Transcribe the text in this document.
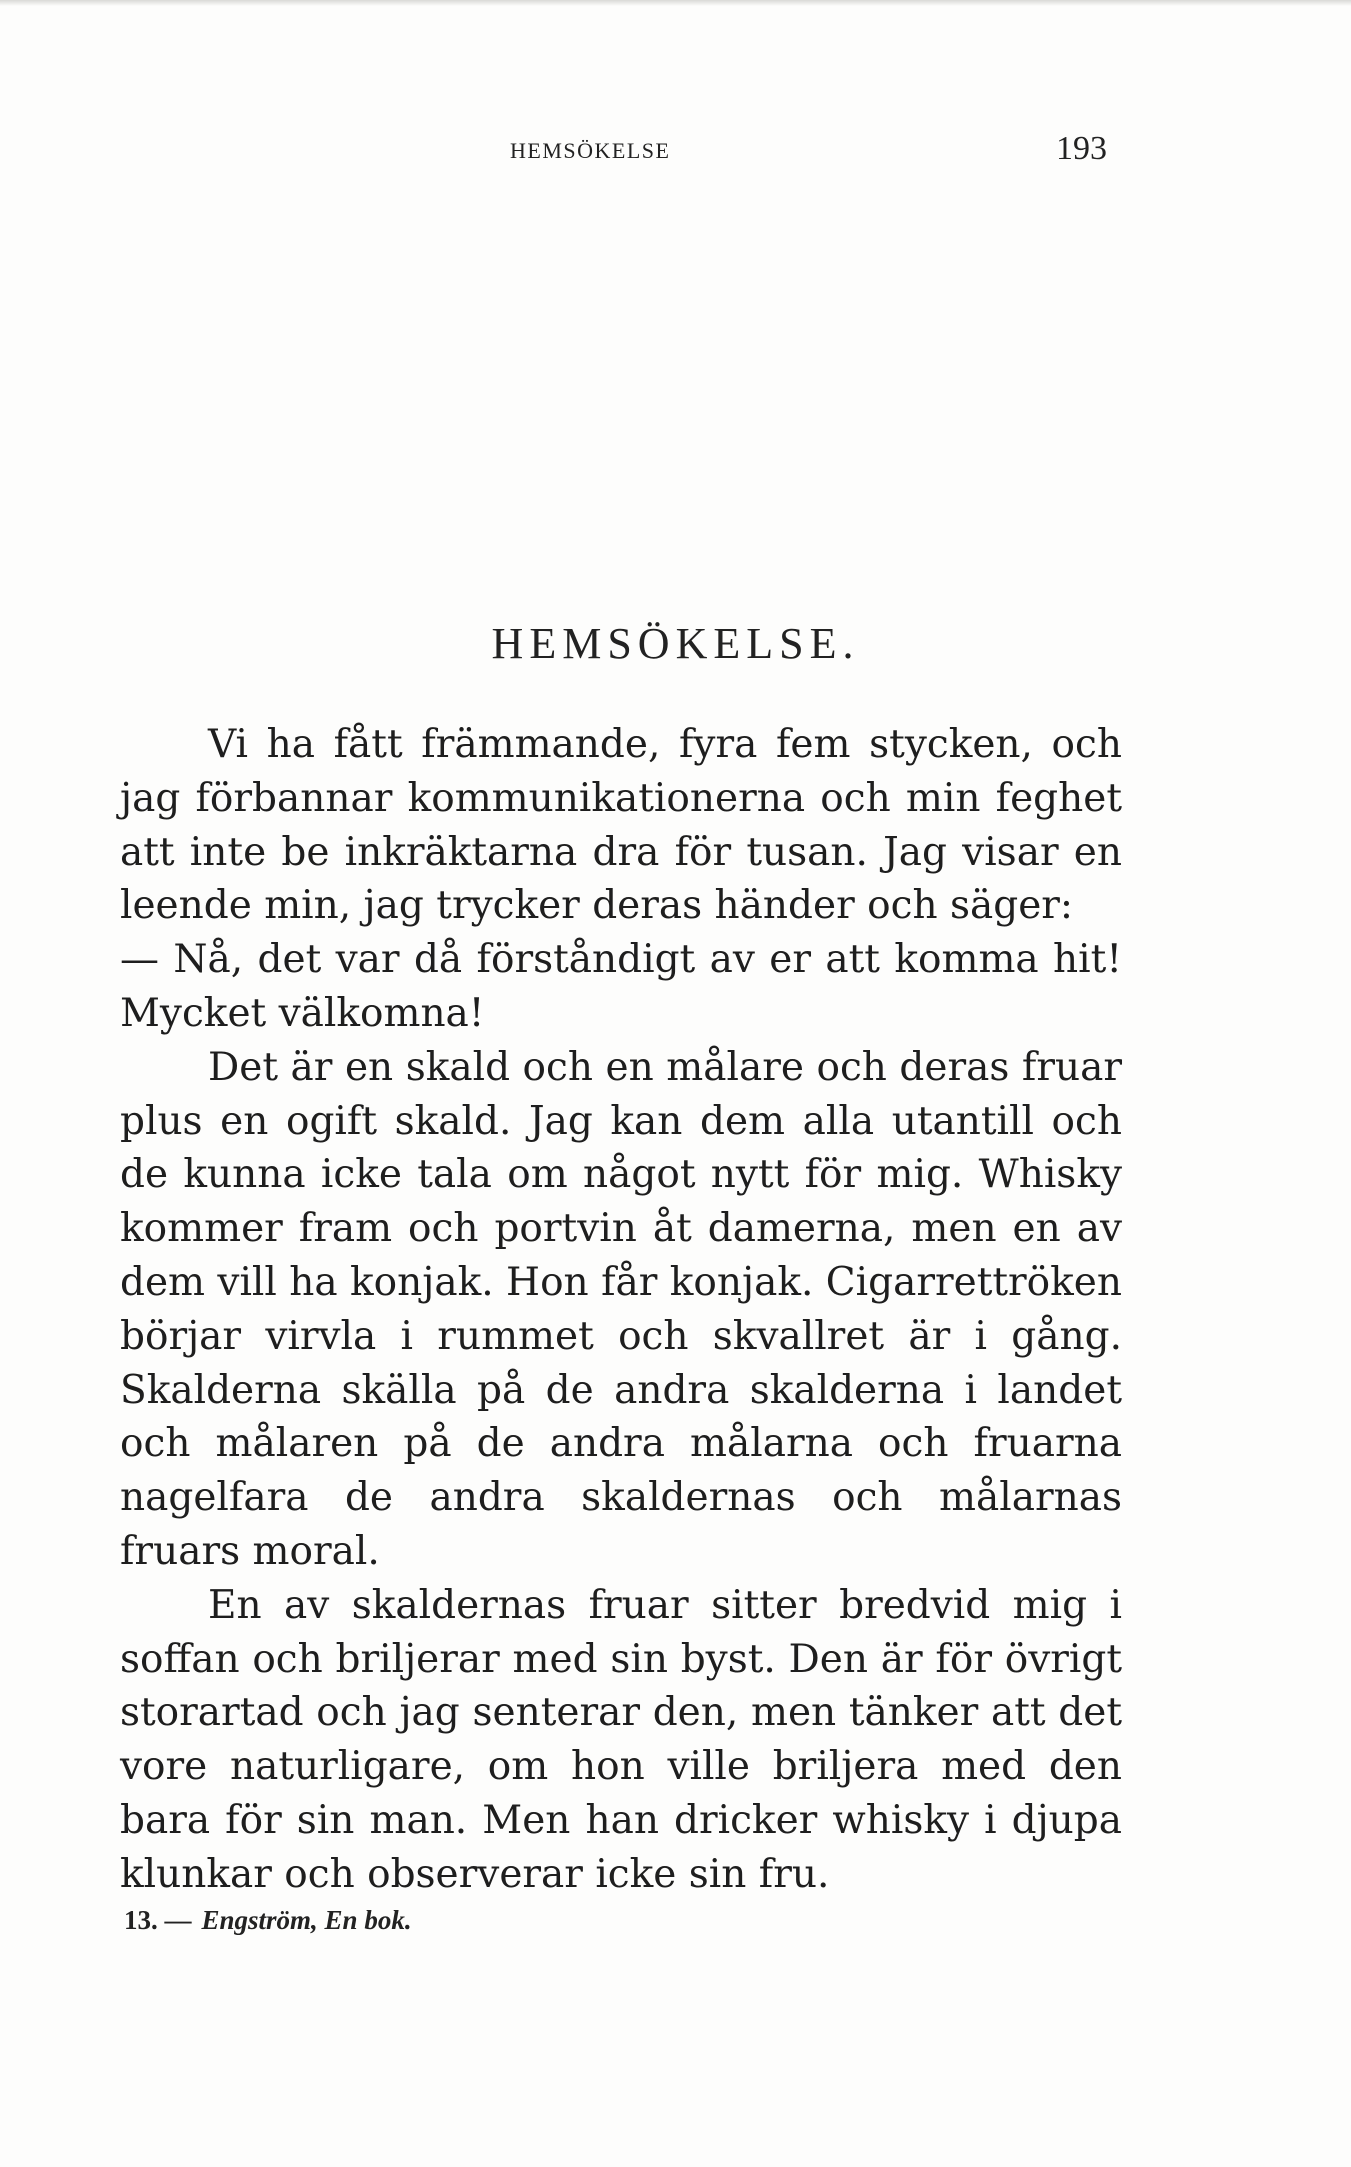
HEMSÖKELSE	193
HEMSÖKELSE.

Vi ha fått främmande, fyra fem stycken, och jag förbannar kommunikationerna och min feghet att inte be inkräktarna dra för tusan. Jag visar en leende min, jag trycker deras händer och säger:

— Nå, det var då förståndigt av er att komma hit! Mycket välkomna!

Det är en skald och en målare och deras fruar plus en ogift skald. Jag kan dem alla utantill och de kunna icke tala om något nytt för mig. Whisky kommer fram och portvin åt damerna, men en av dem vill ha konjak. Hon får konjak. Cigarrettröken börjar virvla i rummet och skvallret är i gång. Skalderna skälla på de andra skalderna i landet och målaren på de andra målarna och fruarna nagelfara de andra skaldernas och målarnas fruars moral.

En av skaldernas fruar sitter bredvid mig i soffan och briljerar med sin byst. Den är för övrigt storartad och jag senterar den, men tänker att det vore naturligare, om hon ville briljera med den bara för sin man. Men han dricker whisky i djupa klunkar och observerar icke sin fru.

13. — Engström, En bok.
